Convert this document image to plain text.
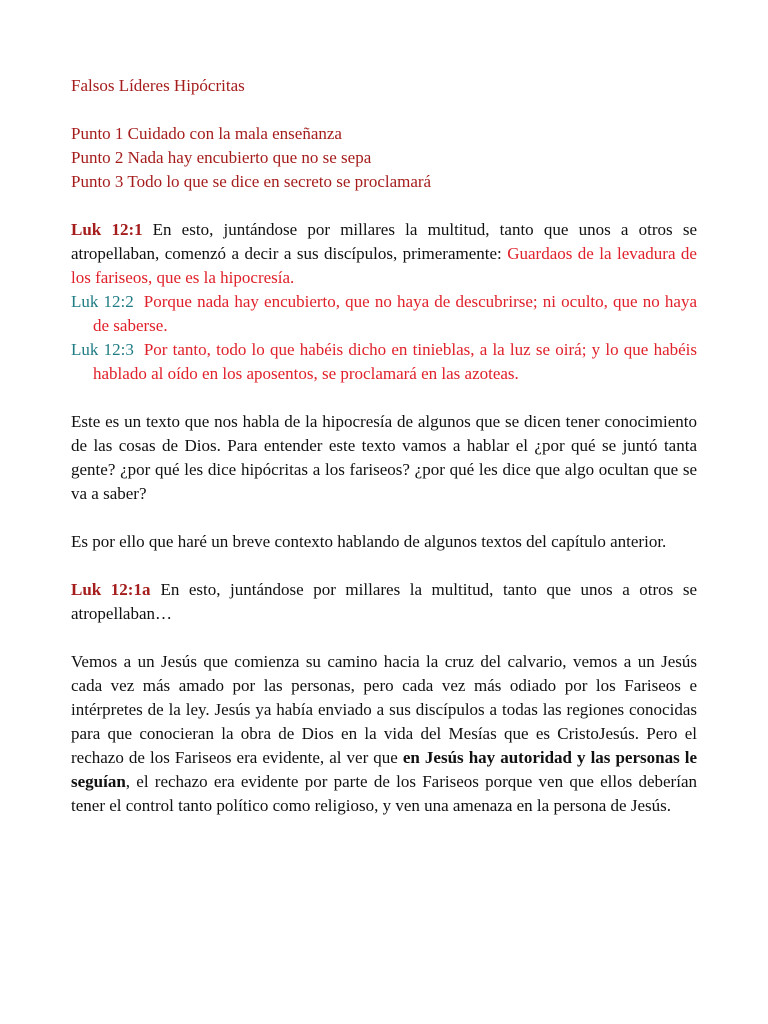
Falsos Líderes Hipócritas

Punto 1 Cuidado con la mala enseñanza

Punto 2 Nada hay encubierto que no se sepa

Punto 3 Todo lo que se dice en secreto se proclamará

Luk 12:1 En esto, juntándose por millares la multitud, tanto que unos a otros se atropellaban, comenzó a decir a sus discípulos, primeramente: Guardaos de la levadura de los fariseos, que es la hipocresía.

Luk 12:2 Porque nada hay encubierto, que no haya de descubrirse; ni oculto, que no haya de saberse.

Luk 12:3 Por tanto, todo lo que habéis dicho en tinieblas, a la luz se oirá; y lo que habéis hablado al oído en los aposentos, se proclamará en las azoteas.

Este es un texto que nos habla de la hipocresía de algunos que se dicen tener conocimiento de las cosas de Dios. Para entender este texto vamos a hablar el ¿por qué se juntó tanta gente? ¿por qué les dice hipócritas a los fariseos? ¿por qué les dice que algo ocultan que se va a saber?

Es por ello que haré un breve contexto hablando de algunos textos del capítulo anterior.

Luk 12:1a En esto, juntándose por millares la multitud, tanto que unos a otros se atropellaban…

Vemos a un Jesús que comienza su camino hacia la cruz del calvario, vemos a un Jesús cada vez más amado por las personas, pero cada vez más odiado por los Fariseos e intérpretes de la ley. Jesús ya había enviado a sus discípulos a todas las regiones conocidas para que conocieran la obra de Dios en la vida del Mesías que es CristoJesús. Pero el rechazo de los Fariseos era evidente, al ver que en Jesús hay autoridad y las personas le seguían, el rechazo era evidente por parte de los Fariseos porque ven que ellos deberían tener el control tanto político como religioso, y ven una amenaza en la persona de Jesús.
